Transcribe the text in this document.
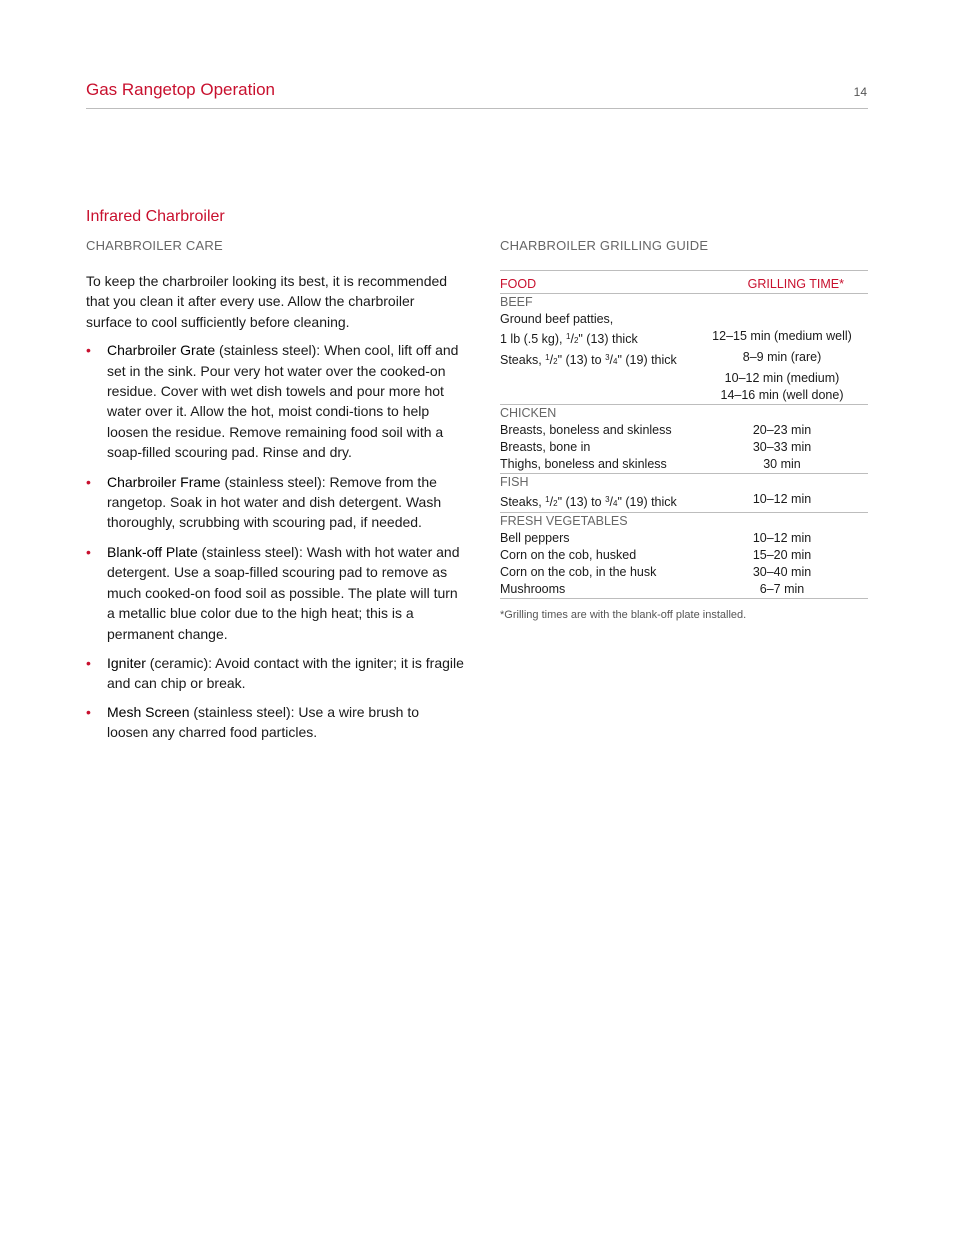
Gas Rangetop Operation	14
Infrared Charbroiler
CHARBROILER CARE
To keep the charbroiler looking its best, it is recommended that you clean it after every use. Allow the charbroiler surface to cool sufficiently before cleaning.
• Charbroiler Grate (stainless steel): When cool, lift off and set in the sink. Pour very hot water over the cooked-on residue. Cover with wet dish towels and pour more hot water over it. Allow the hot, moist condi-tions to help loosen the residue. Remove remaining food soil with a soap-filled scouring pad. Rinse and dry.
• Charbroiler Frame (stainless steel): Remove from the rangetop. Soak in hot water and dish detergent. Wash thoroughly, scrubbing with scouring pad, if needed.
• Blank-off Plate (stainless steel): Wash with hot water and detergent. Use a soap-filled scouring pad to remove as much cooked-on food soil as possible. The plate will turn a metallic blue color due to the high heat; this is a permanent change.
• Igniter (ceramic): Avoid contact with the igniter; it is fragile and can chip or break.
• Mesh Screen (stainless steel): Use a wire brush to loosen any charred food particles.
CHARBROILER GRILLING GUIDE
FOOD	GRILLING TIME*
BEEF	
Ground beef patties,	
1 lb (.5 kg), $^1$/2" (13) thick	12–15 min (medium well)
Steaks, $^1$/2" (13) to $^3$/4" (19) thick	8–9 min (rare)
	10–12 min (medium)
	14–16 min (well done)
CHICKEN	
Breasts, boneless and skinless	20–23 min
Breasts, bone in	30–33 min
Thighs, boneless and skinless	30 min
FISH	
Steaks, $^1$/2" (13) to $^3$/4" (19) thick	10–12 min
FRESH VEGETABLES	
Bell peppers	10–12 min
Corn on the cob, husked	15–20 min
Corn on the cob, in the husk	30–40 min
Mushrooms	6–7 min

*Grilling times are with the blank-off plate installed.
